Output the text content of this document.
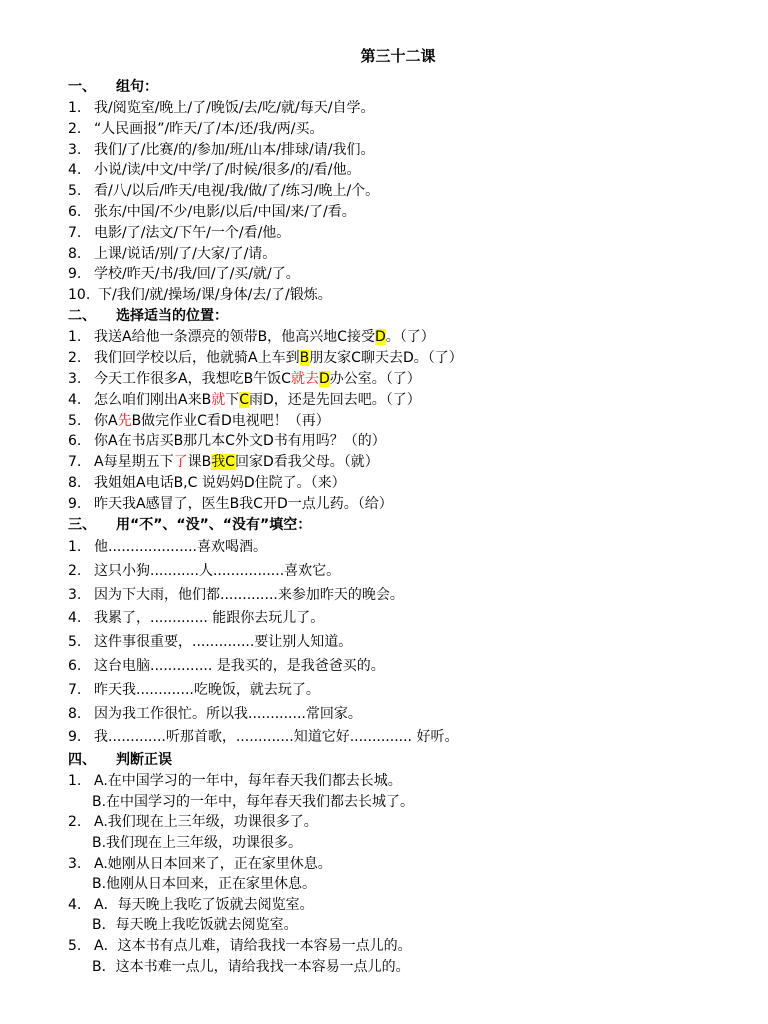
第三十二课
一、 组句：
1. 我/阅览室/晚上/了/晚饭/去/吃/就/每天/自学。
2. “人民画报”/昨天/了/本/还/我/两/买。
3. 我们/了/比赛/的/参加/班/山本/排球/请/我们。
4. 小说/读/中文/中学/了/时候/很多/的/看/他。
5. 看/八/以后/昨天/电视/我/做/了/练习/晚上/个。
6. 张东/中国/不少/电影/以后/中国/来/了/看。
7. 电影/了/法文/下午/一个/看/他。
8. 上课/说话/别/了/大家/了/请。
9. 学校/昨天/书/我/回/了/买/就/了。
10. 下/我们/就/操场/课/身体/去/了/锻炼。
二、 选择适当的位置：
1. 我送A给他一条漂亮的领带B，他高兴地C接受D。（了）
2. 我们回学校以后，他就骑A上车到B朋友家C聊天去D。（了）
3. 今天工作很多A，我想吃B午饭C就去D办公室。（了）
4. 怎么咱们刚出A来B就下C雨D，还是先回去吧。（了）
5. 你A先B做完作业C看D电视吧！（再）
6. 你A在书店买B那几本C外文D书有用吗？（的）
7. A每星期五下了课B我C回家D看我父母。（就）
8. 我姐姐A电话B,C 说妈妈D住院了。（来）
9. 昨天我A感冒了，医生B我C开D一点儿药。（给）
三、 用“不”、“没”、“没有”填空：
1. 他....................喜欢喝酒。
2. 这只小狗...........人................喜欢它。
3. 因为下大雨，他们都.............来参加昨天的晚会。
4. 我累了，............. 能跟你去玩儿了。
5. 这件事很重要，..............要让别人知道。
6. 这台电脑.............. 是我买的，是我爸爸买的。
7. 昨天我.............吃晚饭，就去玩了。
8. 因为我工作很忙。所以我.............常回家。
9. 我.............听那首歌，.............知道它好.............. 好听。
四、 判断正误
1. A.在中国学习的一年中，每年春天我们都去长城。
B.在中国学习的一年中，每年春天我们都去长城了。
2. A.我们现在上三年级，功课很多了。
B.我们现在上三年级，功课很多。
3. A.她刚从日本回来了，正在家里休息。
B.他刚从日本回来，正在家里休息。
4. A．每天晚上我吃了饭就去阅览室。
B．每天晚上我吃饭就去阅览室。
5. A．这本书有点儿难，请给我找一本容易一点儿的。
B．这本书难一点儿，请给我找一本容易一点儿的。
